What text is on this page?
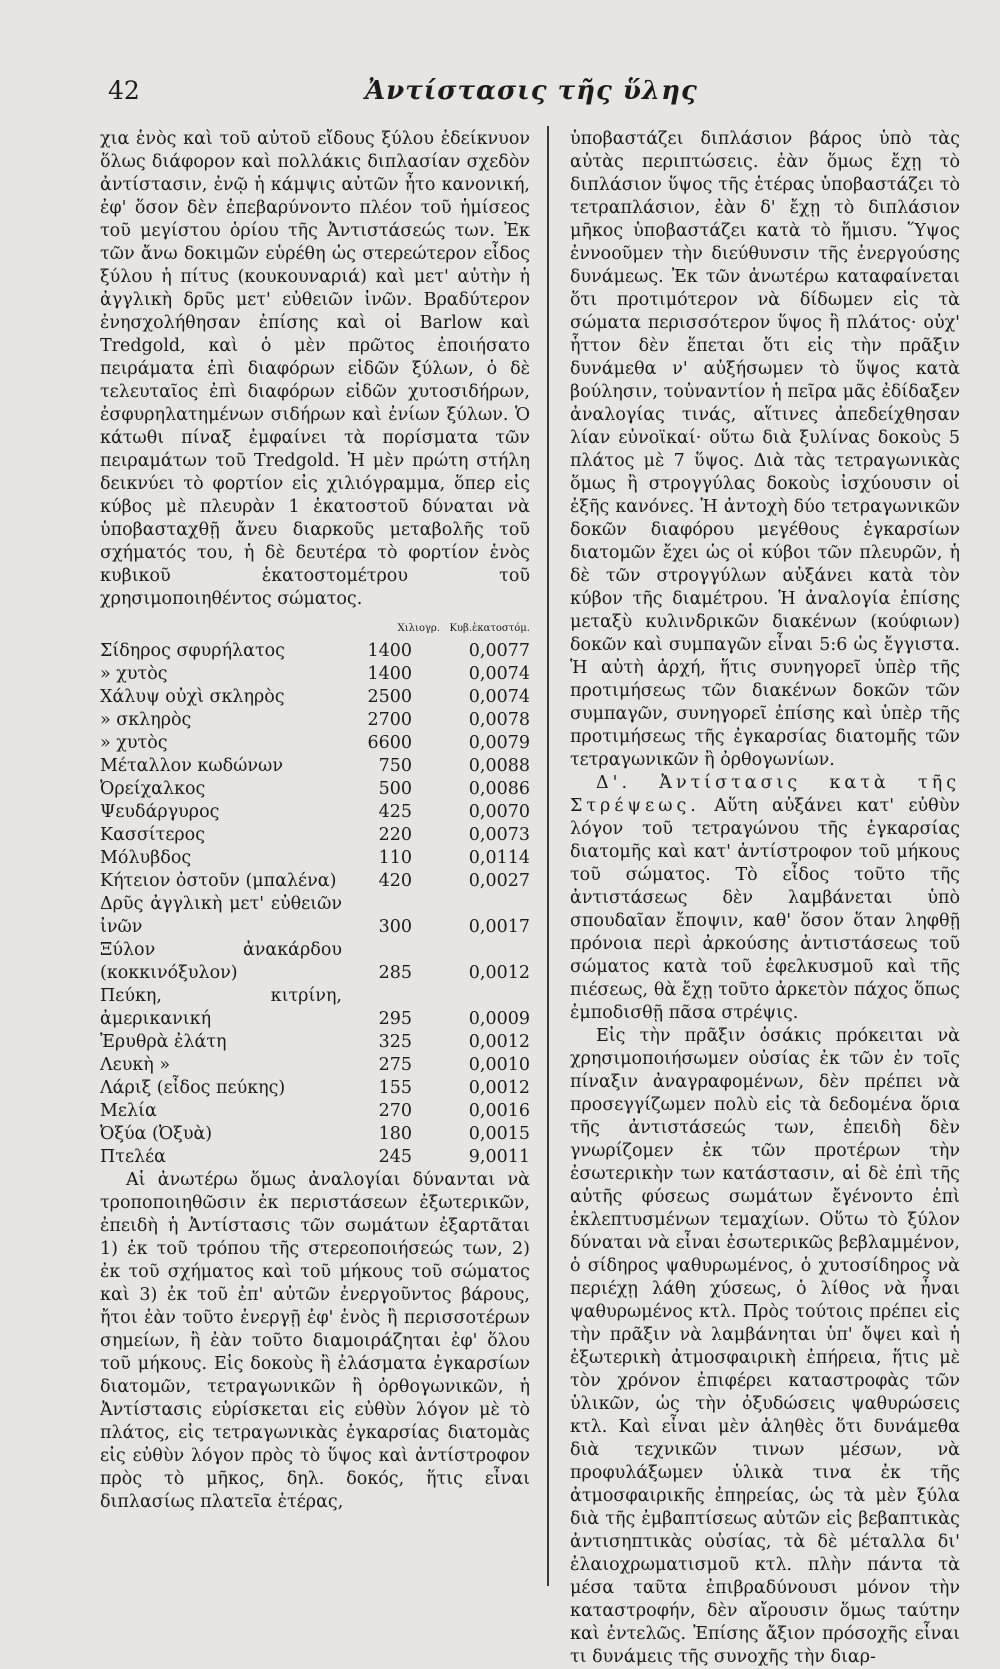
42	Ἀντίστασις τῆς ὕλης

χια ἑνὸς καὶ τοῦ αὐτοῦ εἴδους ξύλου ἐδείκνυον ὅλως διάφορον καὶ πολλάκις διπλασίαν σχεδὸν ἀντίστασιν, ἐνῷ ἡ κάμψις αὐτῶν ἦτο κανονική, ἐφ' ὅσον δὲν ἐπεβαρύνοντο πλέον τοῦ ἡμίσεος τοῦ μεγίστου ὁρίου τῆς Ἀντιστάσεώς των. Ἐκ τῶν ἄνω δοκιμῶν εὑρέθη ὡς στερεώτερον εἶδος ξύλου ἡ πίτυς (κουκουναριά) καὶ μετ' αὐτὴν ἡ ἀγγλικὴ δρῦς μετ' εὐθειῶν ἰνῶν. Βραδύτερον ἐνησχολήθησαν ἐπίσης καὶ οἱ Barlow καὶ Tredgold, καὶ ὁ μὲν πρῶτος ἐποιήσατο πειράματα ἐπὶ διαφόρων εἰδῶν ξύλων, ὁ δὲ τελευταῖος ἐπὶ διαφόρων εἰδῶν χυτοσιδήρων, ἐσφυρηλατημένων σιδήρων καὶ ἐνίων ξύλων. Ὁ κάτωθι πίναξ ἐμφαίνει τὰ πορίσματα τῶν πειραμάτων τοῦ Tredgold. Ἡ μὲν πρώτη στήλη δεικνύει τὸ φορτίον εἰς χιλιόγραμμα, ὅπερ εἰς κύβος μὲ πλευρὰν 1 ἑκατοστοῦ δύναται νὰ ὑποβασταχθῇ ἄνευ διαρκοῦς μεταβολῆς τοῦ σχήματός του, ἡ δὲ δευτέρα τὸ φορτίον ἑνὸς κυβικοῦ ἑκατοστομέτρου τοῦ χρησιμοποιηθέντος σώματος.

	Χιλιογρ.	Κυβ.ἑκατοστόμ.
Σίδηρος σφυρήλατος	1400	0,0077
» χυτὸς	1400	0,0074
Χάλυψ οὐχὶ σκληρὸς	2500	0,0074
» σκληρὸς	2700	0,0078
» χυτὸς	6600	0,0079
Μέταλλον κωδώνων	750	0,0088
Ὀρείχαλκος	500	0,0086
Ψευδάργυρος	425	0,0070
Κασσίτερος	220	0,0073
Μόλυβδος	110	0,0114
Κήτειον ὀστοῦν (μπαλένα)	420	0,0027
Δρῦς ἀγγλικὴ μετ' εὐθειῶν ἰνῶν	300	0,0017
Ξύλον ἀνακάρδου (κοκκινόξυλον)	285	0,0012
Πεύκη, κιτρίνη, ἀμερικανική	295	0,0009
Ἐρυθρὰ ἐλάτη	325	0,0012
Λευκὴ »	275	0,0010
Λάριξ (εἶδος πεύκης)	155	0,0012
Μελία	270	0,0016
Ὀξύα (Ὀξυὰ)	180	0,0015
Πτελέα	245	9,0011

Αἱ ἀνωτέρω ὅμως ἀναλογίαι δύνανται νὰ τροποποιηθῶσιν ἐκ περιστάσεων ἐξωτερικῶν, ἐπειδὴ ἡ Ἀντίστασις τῶν σωμάτων ἐξαρτᾶται 1) ἐκ τοῦ τρόπου τῆς στερεοποιήσεώς των, 2) ἐκ τοῦ σχήματος καὶ τοῦ μήκους τοῦ σώματος καὶ 3) ἐκ τοῦ ἐπ' αὐτῶν ἐνεργοῦντος βάρους, ἤτοι ἐὰν τοῦτο ἐνεργῇ ἐφ' ἑνὸς ἢ περισσοτέρων σημείων, ἢ ἐὰν τοῦτο διαμοιράζηται ἐφ' ὅλου τοῦ μήκους. Εἰς δοκοὺς ἢ ἐλάσματα ἐγκαρσίων διατομῶν, τετραγωνικῶν ἢ ὀρθογωνικῶν, ἡ Ἀντίστασις εὑρίσκεται εἰς εὐθὺν λόγον μὲ τὸ πλάτος, εἰς τετραγωνικὰς ἐγκαρσίας διατομὰς εἰς εὐθὺν λόγον πρὸς τὸ ὕψος καὶ ἀντίστροφον πρὸς τὸ μῆκος, δηλ. δοκός, ἥτις εἶναι διπλασίως πλατεῖα ἑτέρας,

ὑποβαστάζει διπλάσιον βάρος ὑπὸ τὰς αὐτὰς περιπτώσεις. ἐὰν ὅμως ἔχῃ τὸ διπλάσιον ὕψος τῆς ἑτέρας ὑποβαστάζει τὸ τετραπλάσιον, ἐὰν δ' ἔχῃ τὸ διπλάσιον μῆκος ὑποβαστάζει κατὰ τὸ ἥμισυ. Ὕψος ἐννοοῦμεν τὴν διεύθυνσιν τῆς ἐνεργούσης δυνάμεως. Ἐκ τῶν ἀνωτέρω καταφαίνεται ὅτι προτιμότερον νὰ δίδωμεν εἰς τὰ σώματα περισσότερον ὕψος ἢ πλάτος· οὐχ' ἧττον δὲν ἕπεται ὅτι εἰς τὴν πρᾶξιν δυνάμεθα ν' αὐξήσωμεν τὸ ὕψος κατὰ βούλησιν, τοὐναντίον ἡ πεῖρα μᾶς ἐδίδαξεν ἀναλογίας τινάς, αἵτινες ἀπεδείχθησαν λίαν εὐνοϊκαί· οὕτω διὰ ξυλίνας δοκοὺς 5 πλάτος μὲ 7 ὕψος. Διὰ τὰς τετραγωνικὰς ὅμως ἢ στρογγύλας δοκοὺς ἰσχύουσιν οἱ ἐξῆς κανόνες. Ἡ ἀντοχὴ δύο τετραγωνικῶν δοκῶν διαφόρου μεγέθους ἐγκαρσίων διατομῶν ἔχει ὡς οἱ κύβοι τῶν πλευρῶν, ἡ δὲ τῶν στρογγύλων αὐξάνει κατὰ τὸν κύβον τῆς διαμέτρου. Ἡ ἀναλογία ἐπίσης μεταξὺ κυλινδρικῶν διακένων (κούφιων) δοκῶν καὶ συμπαγῶν εἶναι 5:6 ὡς ἔγγιστα. Ἡ αὐτὴ ἀρχή, ἥτις συνηγορεῖ ὑπὲρ τῆς προτιμήσεως τῶν διακένων δοκῶν τῶν συμπαγῶν, συνηγορεῖ ἐπίσης καὶ ὑπὲρ τῆς προτιμήσεως τῆς ἐγκαρσίας διατομῆς τῶν τετραγωνικῶν ἢ ὀρθογωνίων.

Δ'. Ἀντίστασις κατὰ τῆς Στρέψεως. Αὕτη αὐξάνει κατ' εὐθὺν λόγον τοῦ τετραγώνου τῆς ἐγκαρσίας διατομῆς καὶ κατ' ἀντίστροφον τοῦ μήκους τοῦ σώματος. Τὸ εἶδος τοῦτο τῆς ἀντιστάσεως δὲν λαμβάνεται ὑπὸ σπουδαῖαν ἔποψιν, καθ' ὅσον ὅταν ληφθῇ πρόνοια περὶ ἀρκούσης ἀντιστάσεως τοῦ σώματος κατὰ τοῦ ἐφελκυσμοῦ καὶ τῆς πιέσεως, θὰ ἔχῃ τοῦτο ἀρκετὸν πάχος ὅπως ἐμποδισθῇ πᾶσα στρέψις.

Εἰς τὴν πρᾶξιν ὁσάκις πρόκειται νὰ χρησιμοποιήσωμεν οὐσίας ἐκ τῶν ἐν τοῖς πίναξιν ἀναγραφομένων, δὲν πρέπει νὰ προσεγγίζωμεν πολὺ εἰς τὰ δεδομένα ὅρια τῆς ἀντιστάσεώς των, ἐπειδὴ δὲν γνωρίζομεν ἐκ τῶν προτέρων τὴν ἐσωτερικὴν των κατάστασιν, αἱ δὲ ἐπὶ τῆς αὐτῆς φύσεως σωμάτων ἔγένοντο ἐπὶ ἐκλεπτυσμένων τεμαχίων. Οὕτω τὸ ξύλον δύναται νὰ εἶναι ἐσωτερικῶς βεβλαμμένον, ὁ σίδηρος ψαθυρωμένος, ὁ χυτοσίδηρος νὰ περιέχῃ λάθη χύσεως, ὁ λίθος νὰ ἦναι ψαθυρωμένος κτλ. Πρὸς τούτοις πρέπει εἰς τὴν πρᾶξιν νὰ λαμβάνηται ὑπ' ὄψει καὶ ἡ ἐξωτερικὴ ἀτμοσφαιρικὴ ἐπήρεια, ἥτις μὲ τὸν χρόνον ἐπιφέρει καταστροφὰς τῶν ὑλικῶν, ὡς τὴν ὀξυδώσεις ψαθυρώσεις κτλ. Καὶ εἶναι μὲν ἀληθὲς ὅτι δυνάμεθα διὰ τεχνικῶν τινων μέσων, νὰ προφυλάξωμεν ὑλικὰ τινα ἐκ τῆς ἀτμοσφαιρικῆς ἐπηρείας, ὡς τὰ μὲν ξύλα διὰ τῆς ἐμβαπτίσεως αὐτῶν εἰς βεβαπτικὰς ἀντισηπτικὰς οὐσίας, τὰ δὲ μέταλλα δι' ἐλαιοχρωματισμοῦ κτλ. πλὴν πάντα τὰ μέσα ταῦτα ἐπιβραδύνουσι μόνον τὴν καταστροφήν, δὲν αἴρουσιν ὅμως ταύτην καὶ ἐντελῶς. Ἐπίσης ἄξιον πρόσοχῆς εἶναι τι δυνάμεις τῆς συνοχῆς τὴν διαρ-
